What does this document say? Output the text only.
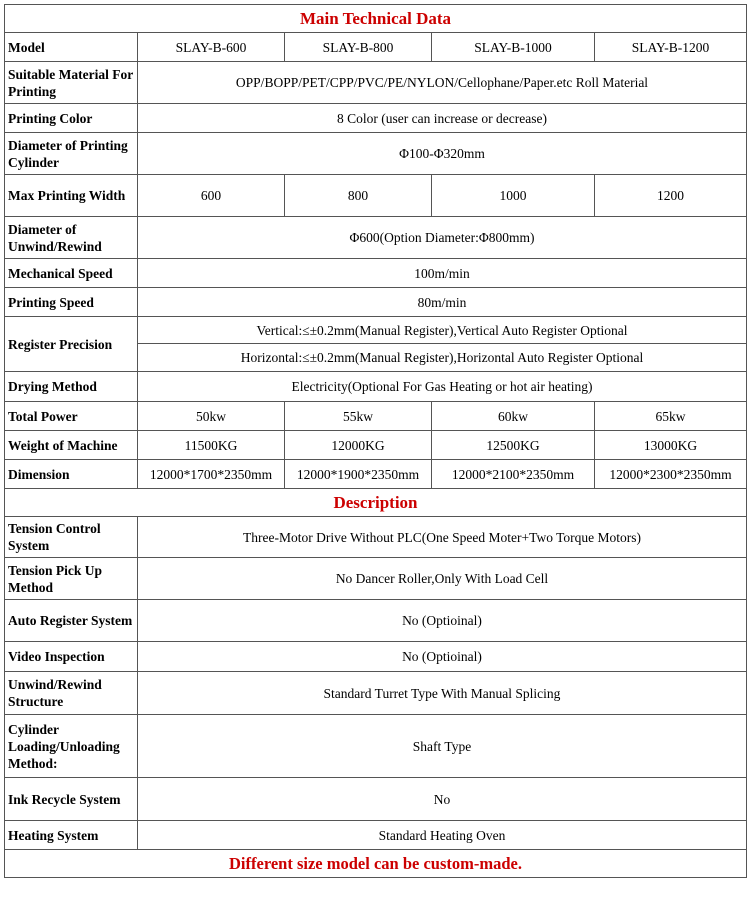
Main Technical Data				
Model	SLAY-B-600	SLAY-B-800	SLAY-B-1000	SLAY-B-1200
Suitable Material For Printing	OPP/BOPP/PET/CPP/PVC/PE/NYLON/Cellophane/Paper.etc Roll Material			
Printing Color	8 Color (user can increase or decrease)			
Diameter of Printing Cylinder	Φ100-Φ320mm			
Max Printing Width	600	800	1000	1200
Diameter of Unwind/Rewind	Φ600(Option Diameter:Φ800mm)			
Mechanical Speed	100m/min			
Printing Speed	80m/min			
Register Precision	Vertical:≤±0.2mm(Manual Register),Vertical Auto Register Optional			
	Horizontal:≤±0.2mm(Manual Register),Horizontal Auto Register Optional			
Drying Method	Electricity(Optional For Gas Heating or hot air heating)			
Total Power	50kw	55kw	60kw	65kw
Weight of Machine	11500KG	12000KG	12500KG	13000KG
Dimension	12000*1700*2350mm	12000*1900*2350mm	12000*2100*2350mm	12000*2300*2350mm
Description				
Tension Control System	Three-Motor Drive Without PLC(One Speed Moter+Two Torque Motors)			
Tension Pick Up Method	No Dancer Roller,Only With Load Cell			
Auto Register System	No (Optioinal)			
Video Inspection	No (Optioinal)			
Unwind/Rewind Structure	Standard Turret Type With Manual Splicing			
Cylinder Loading/Unloading Method:	Shaft Type			
Ink Recycle System	No			
Heating System	Standard Heating Oven			
Different size model can be custom-made.				
